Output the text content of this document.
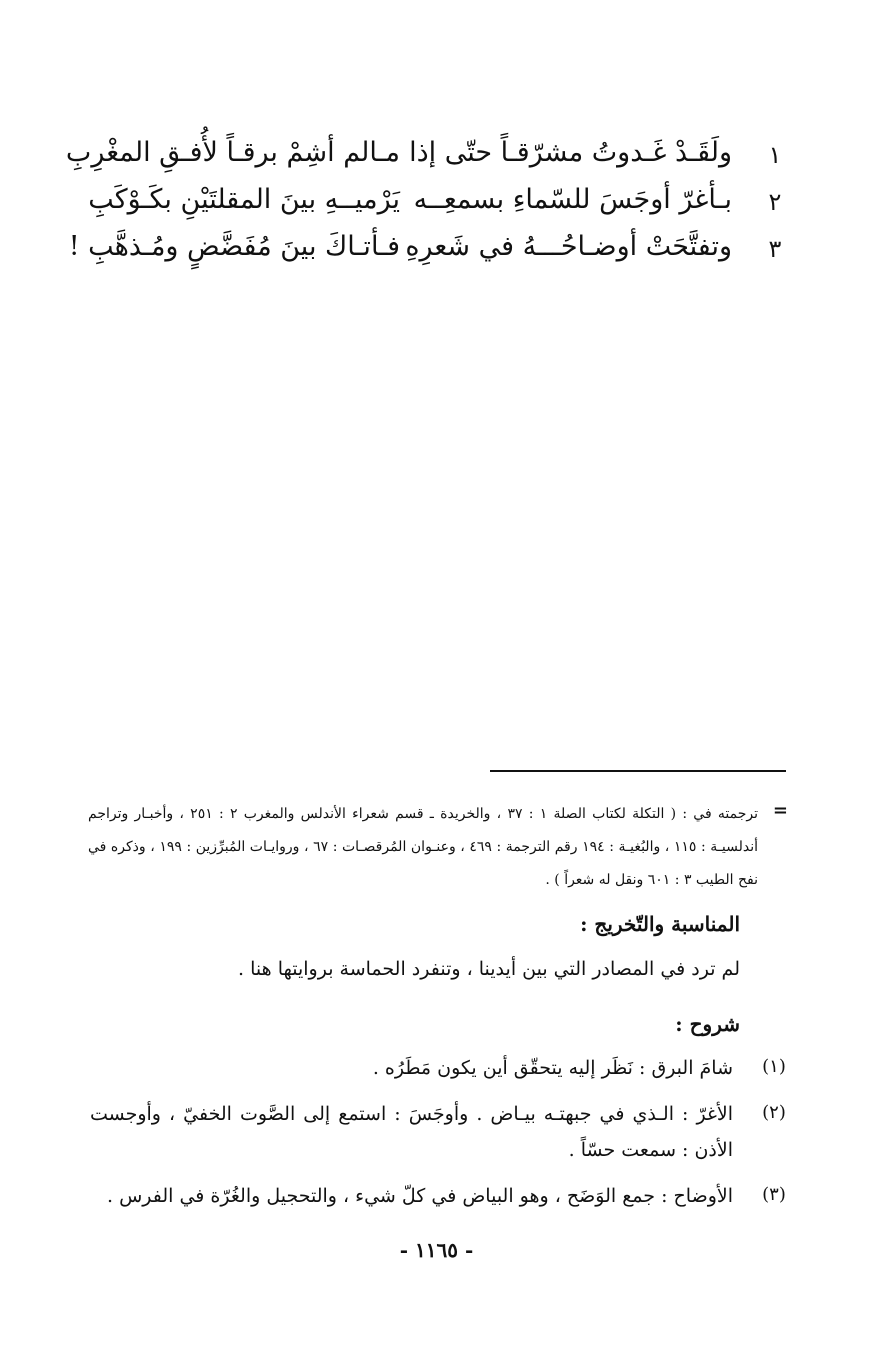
١
ولَقَـدْ غَـدوتُ مشرّقـاً حتّى إذا
مـالم أشِمْ برقـاً لأُفـقِ المغْرِبِ
٢
بـأغرّ أوجَسَ للسّماءِ بسمعِــه
يَرْميــهِ بينَ المقلتَيْنِ بكَـوْكَبِ
٣
وتفتَّحَتْ أوضـاحُـــهُ في شَعرِهِ
فـأتـاكَ بينَ مُفَضَّضٍ ومُـذهَّبِ !
=
ترجمته في : ( التكلة لكتاب الصلة ١ : ٣٧ ، والخريدة ـ قسم شعراء الأندلس والمغرب ٢ : ٢٥١ ، وأخبـار وتراجم أندلسيـة : ١١٥ ، والبُغيـة : ١٩٤ رقم الترجمة : ٤٦٩ ، وعنـوان المُرقصـات : ٦٧ ، وروايـات المُبرِّزين : ١٩٩ ، وذكره في نفح الطيب ٣ : ٦٠١ ونقل له شعراً ) .
المناسبة والتّخريج :
لم ترد في المصادر التي بين أيدينا ، وتنفرد الحماسة بروايتها هنا .
شروح :
(١)
شامَ البرق : نَظَر إليه يتحقّق أين يكون مَطَرُه .
(٢)
الأغرّ : الـذي في جبهتـه بيـاض . وأوجَسَ : استمع إلى الصَّوت الخفيّ ، وأوجست الأذن : سمعت حسّاً .
(٣)
الأوضاح : جمع الوَضَح ، وهو البياض في كلّ شيء ، والتحجيل والغُرّة في الفرس .
- ١١٦٥ -
